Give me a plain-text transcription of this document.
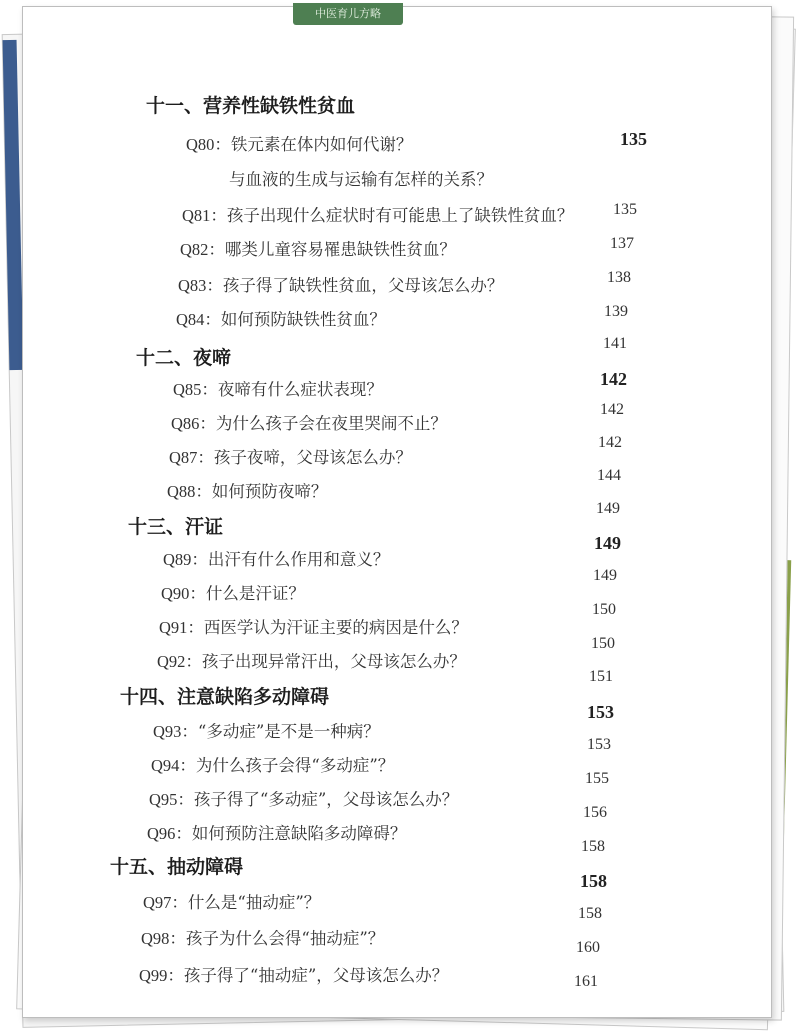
中医育儿方略
十一、营养性缺铁性贫血
十二、夜啼
十三、汗证
十四、注意缺陷多动障碍
十五、抽动障碍
Q80：铁元素在体内如何代谢？
与血液的生成与运输有怎样的关系？
Q81：孩子出现什么症状时有可能患上了缺铁性贫血？
Q82：哪类儿童容易罹患缺铁性贫血？
Q83：孩子得了缺铁性贫血，父母该怎么办？
Q84：如何预防缺铁性贫血？
Q85：夜啼有什么症状表现？
Q86：为什么孩子会在夜里哭闹不止？
Q87：孩子夜啼，父母该怎么办？
Q88：如何预防夜啼？
Q89：出汗有什么作用和意义？
Q90：什么是汗证？
Q91：西医学认为汗证主要的病因是什么？
Q92：孩子出现异常汗出，父母该怎么办？
Q93：“多动症”是不是一种病？
Q94：为什么孩子会得“多动症”？
Q95：孩子得了“多动症”，父母该怎么办？
Q96：如何预防注意缺陷多动障碍？
Q97：什么是“抽动症”？
Q98：孩子为什么会得“抽动症”？
Q99：孩子得了“抽动症”，父母该怎么办？
135
135
137
138
139
141
142
142
142
144
149
149
149
150
150
151
153
153
155
156
158
158
158
160
161
